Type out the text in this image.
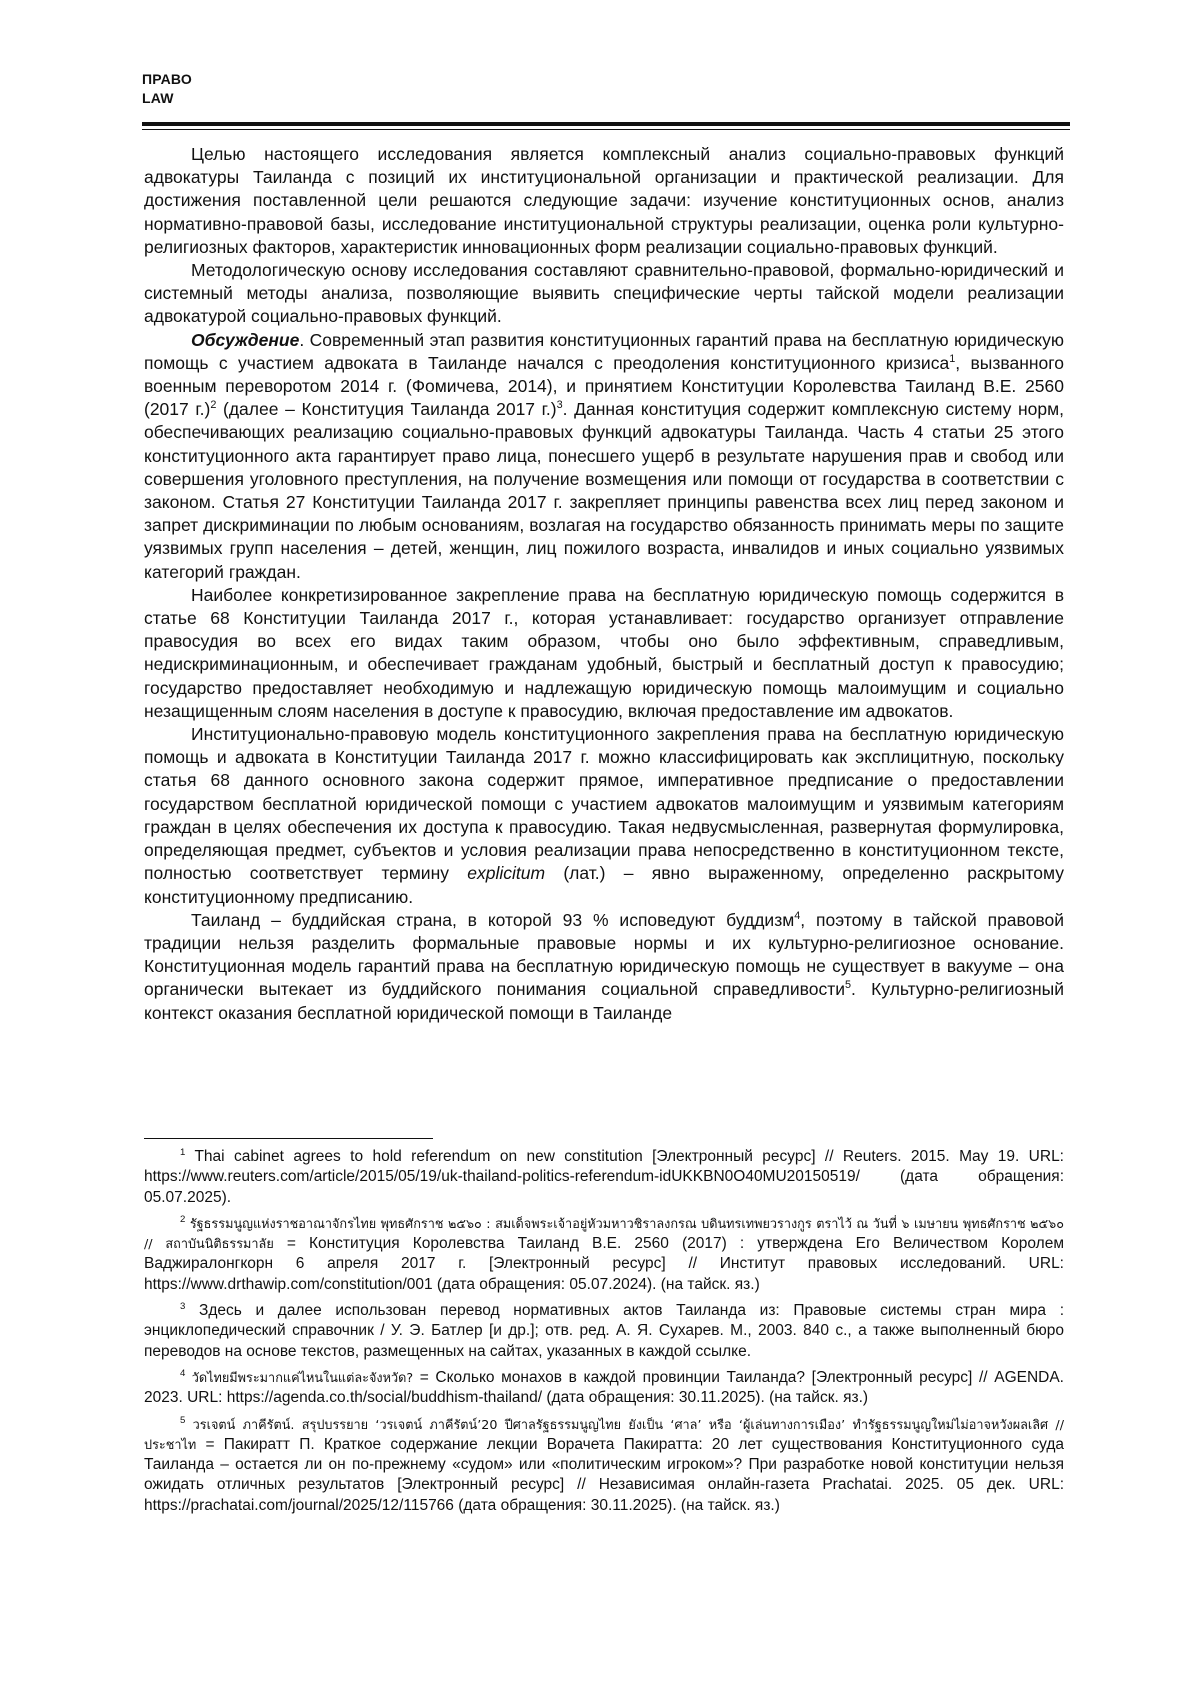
ПРАВО
LAW

Целью настоящего исследования является комплексный анализ социально-правовых функций адвокатуры Таиланда с позиций их институциональной организации и практической реализации. Для достижения поставленной цели решаются следующие задачи: изучение конституционных основ, анализ нормативно-правовой базы, исследование институциональной структуры реализации, оценка роли культурно-религиозных факторов, характеристик инновационных форм реализации социально-правовых функций.

Методологическую основу исследования составляют сравнительно-правовой, формально-юридический и системный методы анализа, позволяющие выявить специфические черты тайской модели реализации адвокатурой социально-правовых функций.

Обсуждение. Современный этап развития конституционных гарантий права на бесплатную юридическую помощь с участием адвоката в Таиланде начался с преодоления конституционного кризиса$^1$, вызванного военным переворотом 2014 г. (Фомичева, 2014), и принятием Конституции Королевства Таиланд B.E. 2560 (2017 г.)$^2$ (далее – Конституция Таиланда 2017 г.)$^3$. Данная конституция содержит комплексную систему норм, обеспечивающих реализацию социально-правовых функций адвокатуры Таиланда. Часть 4 статьи 25 этого конституционного акта гарантирует право лица, понесшего ущерб в результате нарушения прав и свобод или совершения уголовного преступления, на получение возмещения или помощи от государства в соответствии с законом. Статья 27 Конституции Таиланда 2017 г. закрепляет принципы равенства всех лиц перед законом и запрет дискриминации по любым основаниям, возлагая на государство обязанность принимать меры по защите уязвимых групп населения – детей, женщин, лиц пожилого возраста, инвалидов и иных социально уязвимых категорий граждан.

Наиболее конкретизированное закрепление права на бесплатную юридическую помощь содержится в статье 68 Конституции Таиланда 2017 г., которая устанавливает: государство организует отправление правосудия во всех его видах таким образом, чтобы оно было эффективным, справедливым, недискриминационным, и обеспечивает гражданам удобный, быстрый и бесплатный доступ к правосудию; государство предоставляет необходимую и надлежащую юридическую помощь малоимущим и социально незащищенным слоям населения в доступе к правосудию, включая предоставление им адвокатов.

Институционально-правовую модель конституционного закрепления права на бесплатную юридическую помощь и адвоката в Конституции Таиланда 2017 г. можно классифицировать как эксплицитную, поскольку статья 68 данного основного закона содержит прямое, императивное предписание о предоставлении государством бесплатной юридической помощи с участием адвокатов малоимущим и уязвимым категориям граждан в целях обеспечения их доступа к правосудию. Такая недвусмысленная, развернутая формулировка, определяющая предмет, субъектов и условия реализации права непосредственно в конституционном тексте, полностью соответствует термину explicitum (лат.) – явно выраженному, определенно раскрытому конституционному предписанию.

Таиланд – буддийская страна, в которой 93 % исповедуют буддизм$^4$, поэтому в тайской правовой традиции нельзя разделить формальные правовые нормы и их культурно-религиозное основание. Конституционная модель гарантий права на бесплатную юридическую помощь не существует в вакууме – она органически вытекает из буддийского понимания социальной справедливости$^5$. Культурно-религиозный контекст оказания бесплатной юридической помощи в Таиланде

$^1$ Thai cabinet agrees to hold referendum on new constitution [Электронный ресурс] // Reuters. 2015. May 19. URL: https://www.reuters.com/article/2015/05/19/uk-thailand-politics-referendum-idUKKBN0O40MU20150519/ (дата обращения: 05.07.2025).

$^2$ รัฐธรรมนูญแห่งราชอาณาจักรไทย พุทธศักราช ๒๕๖๐ : สมเด็จพระเจ้าอยู่หัวมหาวชิราลงกรณ บดินทรเทพยวรางกูร ตราไว้ ณ วันที่ ๖ เมษายน พุทธศักราช ๒๕๖๐ // สถาบันนิติธรรมาลัย = Конституция Королевства Таиланд B.E. 2560 (2017) : утверждена Его Величеством Королем Ваджиралонгкорн 6 апреля 2017 г. [Электронный ресурс] // Институт правовых исследований. URL: https://www.drthawip.com/constitution/001 (дата обращения: 05.07.2024). (на тайск. яз.)

$^3$ Здесь и далее использован перевод нормативных актов Таиланда из: Правовые системы стран мира : энциклопедический справочник / У. Э. Батлер [и др.]; отв. ред. А. Я. Сухарев. М., 2003. 840 с., а также выполненный бюро переводов на основе текстов, размещенных на сайтах, указанных в каждой ссылке.

$^4$ วัดไทยมีพระมากแค่ไหนในแต่ละจังหวัด? = Сколько монахов в каждой провинции Таиланда? [Электронный ресурс] // AGENDA. 2023. URL: https://agenda.co.th/social/buddhism-thailand/ (дата обращения: 30.11.2025). (на тайск. яз.)

$^5$ วรเจตน์ ภาคีรัตน์. สรุปบรรยาย ‘วรเจตน์ ภาคีรัตน์’20 ปีศาลรัฐธรรมนูญไทย ยังเป็น ‘ศาล’ หรือ ‘ผู้เล่นทางการเมือง’ ทำรัฐธรรมนูญใหม่ไม่อาจหวังผลเลิศ // ประชาไท = Пакиратт П. Краткое содержание лекции Ворачета Пакиратта: 20 лет существования Конституционного суда Таиланда – остается ли он по-прежнему «судом» или «политическим игроком»? При разработке новой конституции нельзя ожидать отличных результатов [Электронный ресурс] // Независимая онлайн-газета Prachatai. 2025. 05 дек. URL: https://prachatai.com/journal/2025/12/115766 (дата обращения: 30.11.2025). (на тайск. яз.)
